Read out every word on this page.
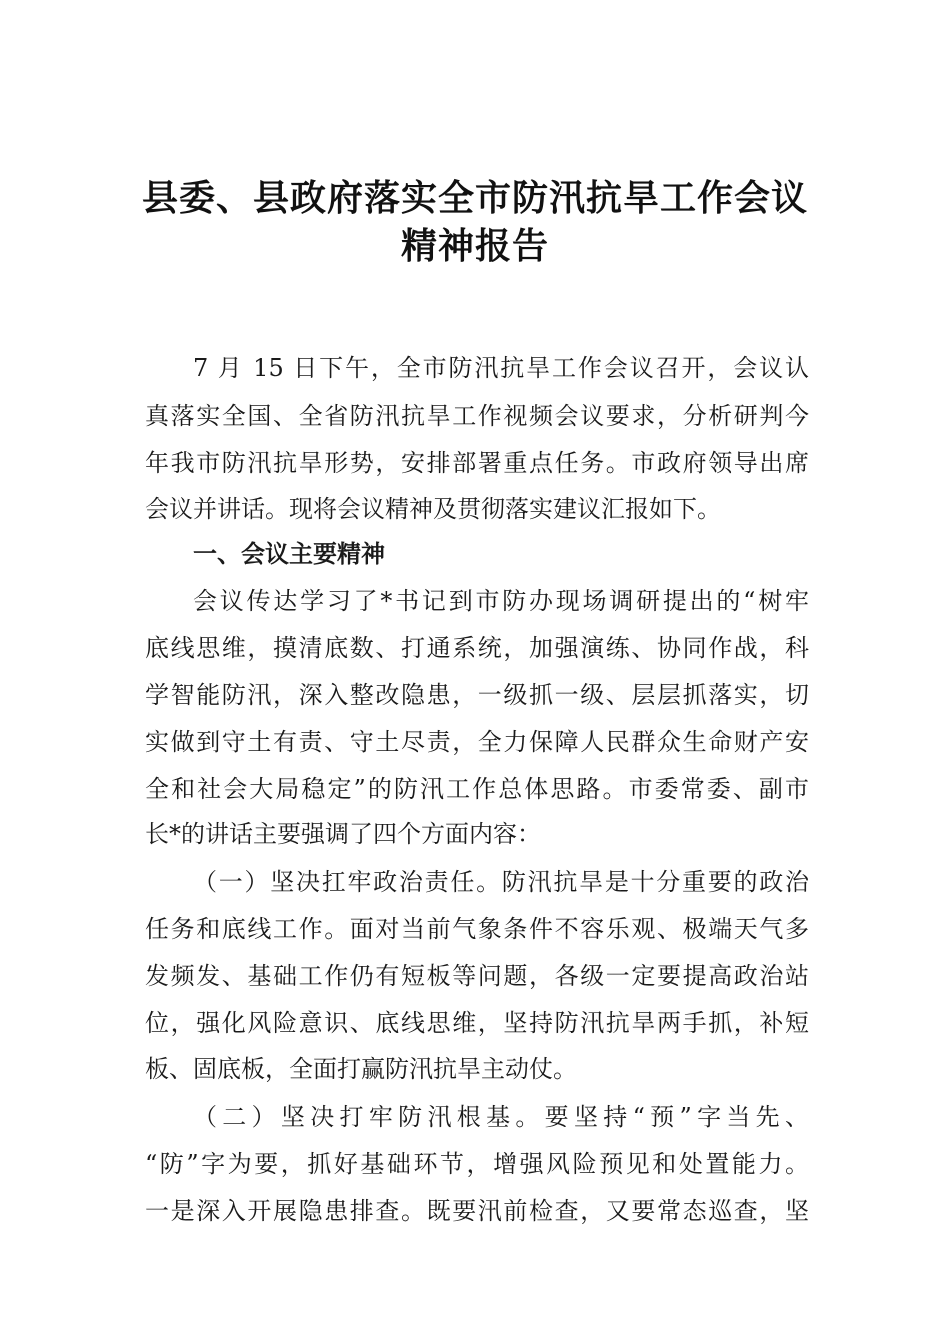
县委、县政府落实全市防汛抗旱工作会议
精神报告
7 月 15 日下午，全市防汛抗旱工作会议召开，会议认
真落实全国、全省防汛抗旱工作视频会议要求，分析研判今
年我市防汛抗旱形势，安排部署重点任务。市政府领导出席
会议并讲话。现将会议精神及贯彻落实建议汇报如下。
一、会议主要精神
会议传达学习了*书记到市防办现场调研提出的“树牢
底线思维，摸清底数、打通系统，加强演练、协同作战，科
学智能防汛，深入整改隐患，一级抓一级、层层抓落实，切
实做到守土有责、守土尽责，全力保障人民群众生命财产安
全和社会大局稳定”的防汛工作总体思路。市委常委、副市
长*的讲话主要强调了四个方面内容：
（一）坚决扛牢政治责任。防汛抗旱是十分重要的政治
任务和底线工作。面对当前气象条件不容乐观、极端天气多
发频发、基础工作仍有短板等问题，各级一定要提高政治站
位，强化风险意识、底线思维，坚持防汛抗旱两手抓，补短
板、固底板，全面打赢防汛抗旱主动仗。
（二）坚决打牢防汛根基。要坚持“预”字当先、
“防”字为要，抓好基础环节，增强风险预见和处置能力。
一是深入开展隐患排查。既要汛前检查，又要常态巡查，坚
